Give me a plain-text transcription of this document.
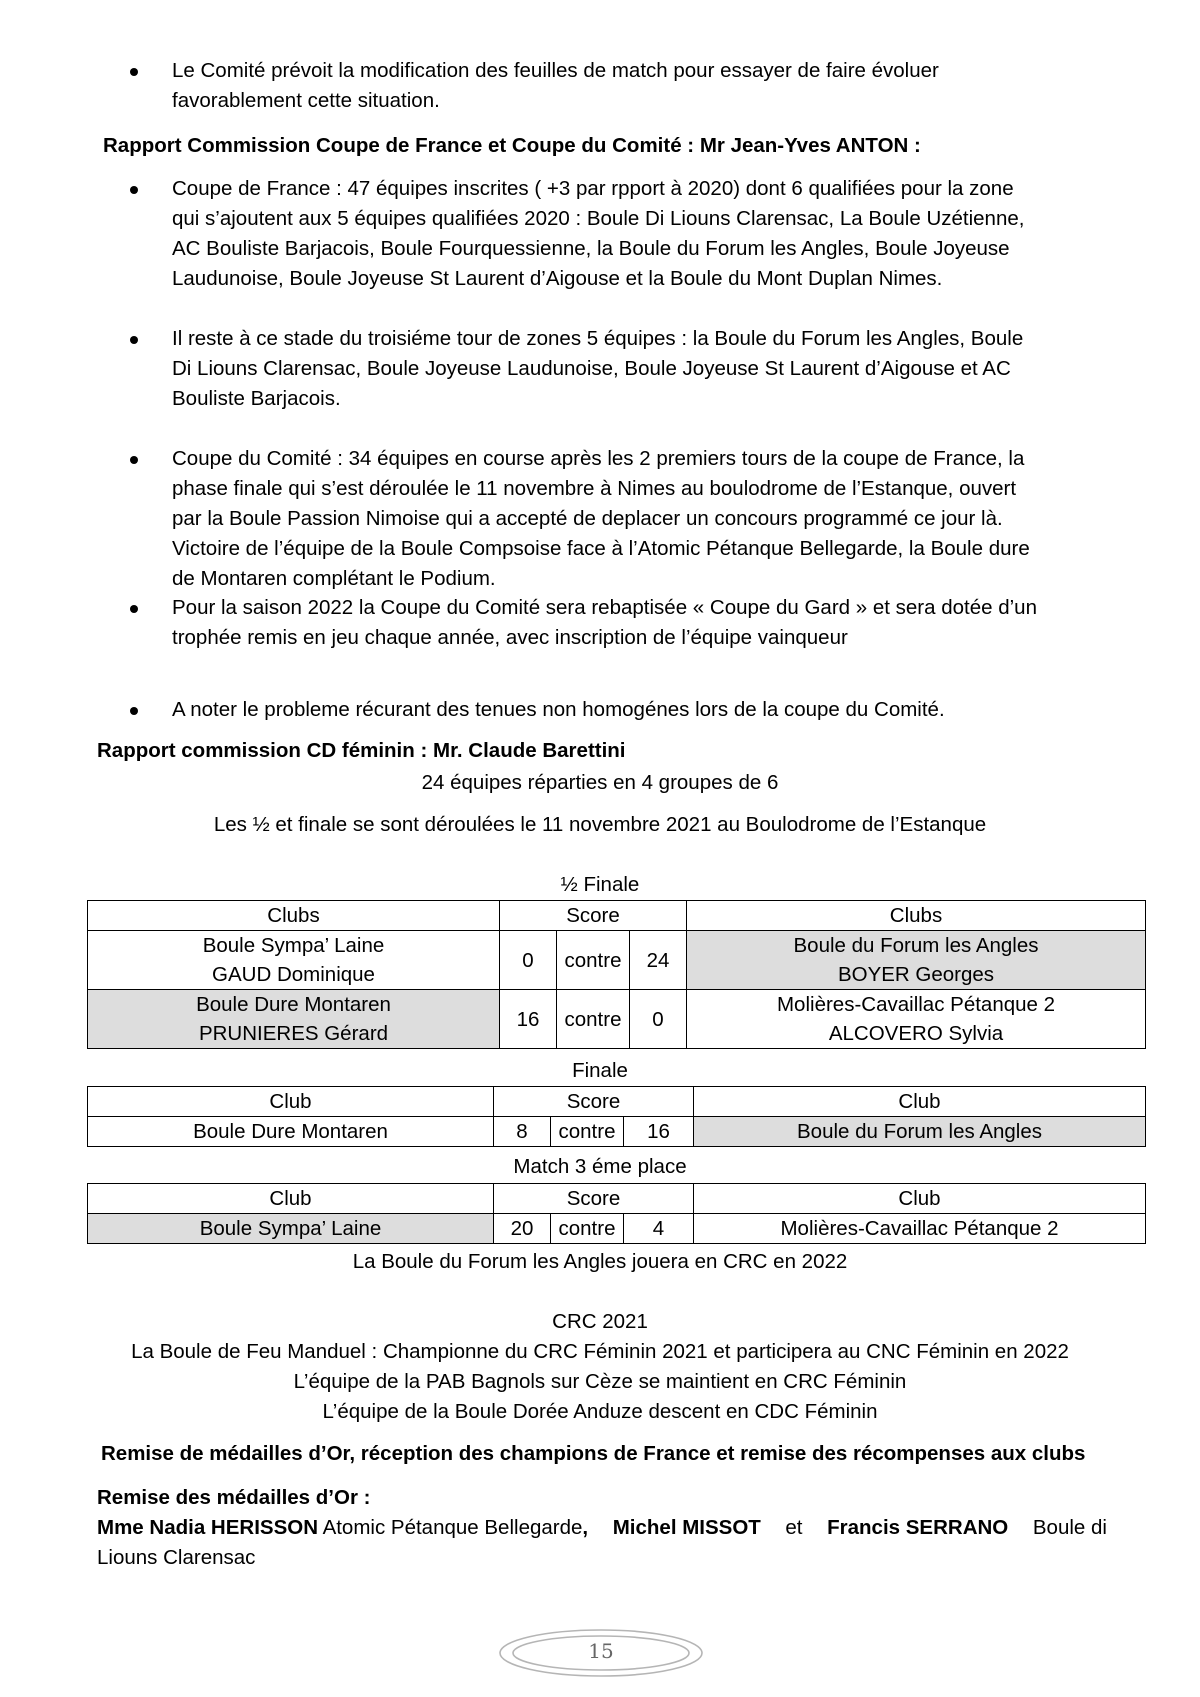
Le Comité prévoit la modification des feuilles de match pour essayer de faire évoluer
favorablement cette situation.
Rapport Commission Coupe de France et Coupe du Comité : Mr Jean-Yves ANTON :
Coupe de France : 47 équipes inscrites ( +3 par rpport à 2020) dont 6 qualifiées pour la zone
qui s’ajoutent aux 5 équipes qualifiées 2020 : Boule Di Liouns Clarensac, La Boule Uzétienne,
AC Bouliste Barjacois, Boule Fourquessienne, la Boule du Forum les Angles, Boule Joyeuse
Laudunoise, Boule Joyeuse St Laurent d’Aigouse et la Boule du Mont Duplan Nimes.
Il reste à ce stade du troisiéme tour de zones 5 équipes : la Boule du Forum les Angles, Boule
Di Liouns Clarensac, Boule Joyeuse Laudunoise, Boule Joyeuse St Laurent d’Aigouse et AC
Bouliste Barjacois.
Coupe du Comité : 34 équipes en course après les 2 premiers tours de la coupe de France, la
phase finale qui s’est déroulée le 11 novembre à Nimes au boulodrome de l’Estanque, ouvert
par la Boule Passion Nimoise qui a accepté de deplacer un concours programmé ce jour là.
Victoire de l’équipe de la Boule Compsoise face à l’Atomic Pétanque Bellegarde, la Boule dure
de Montaren complétant le Podium.
Pour la saison 2022 la Coupe du Comité sera rebaptisée « Coupe du Gard » et sera dotée d’un
trophée remis en jeu chaque année, avec inscription de l’équipe vainqueur
A noter le probleme récurant des tenues non homogénes lors de la coupe du Comité.
Rapport commission CD féminin : Mr. Claude Barettini
24 équipes réparties en 4 groupes de 6
Les ½ et finale se sont déroulées le 11 novembre 2021 au Boulodrome de l’Estanque
½ Finale
Clubs	Score			Clubs

Boule Sympa’ Laine
GAUD Dominique	0	contre	24	Boule du Forum les Angles
BOYER Georges

Boule Dure Montaren
PRUNIERES Gérard	16	contre	0	Molières-Cavaillac Pétanque 2
ALCOVERO Sylvia
Finale
Club	Score			Club
Boule Dure Montaren	8	contre	16	Boule du Forum les Angles
Match 3 éme place
Club	Score			Club
Boule Sympa’ Laine	20	contre	4	Molières-Cavaillac Pétanque 2
La Boule du Forum les Angles jouera en CRC en 2022
CRC 2021
La Boule de Feu Manduel : Championne du CRC Féminin 2021 et participera au CNC Féminin en 2022
L’équipe de la PAB Bagnols sur Cèze se maintient en CRC Féminin
L’équipe de la Boule Dorée Anduze descent en CDC Féminin
Remise de médailles d’Or, réception des champions de France et remise des récompenses aux clubs
Remise des médailles d’Or :
Mme Nadia HERISSON Atomic Pétanque Bellegarde, Michel MISSOT et Francis SERRANO Boule di
Liouns Clarensac
15
